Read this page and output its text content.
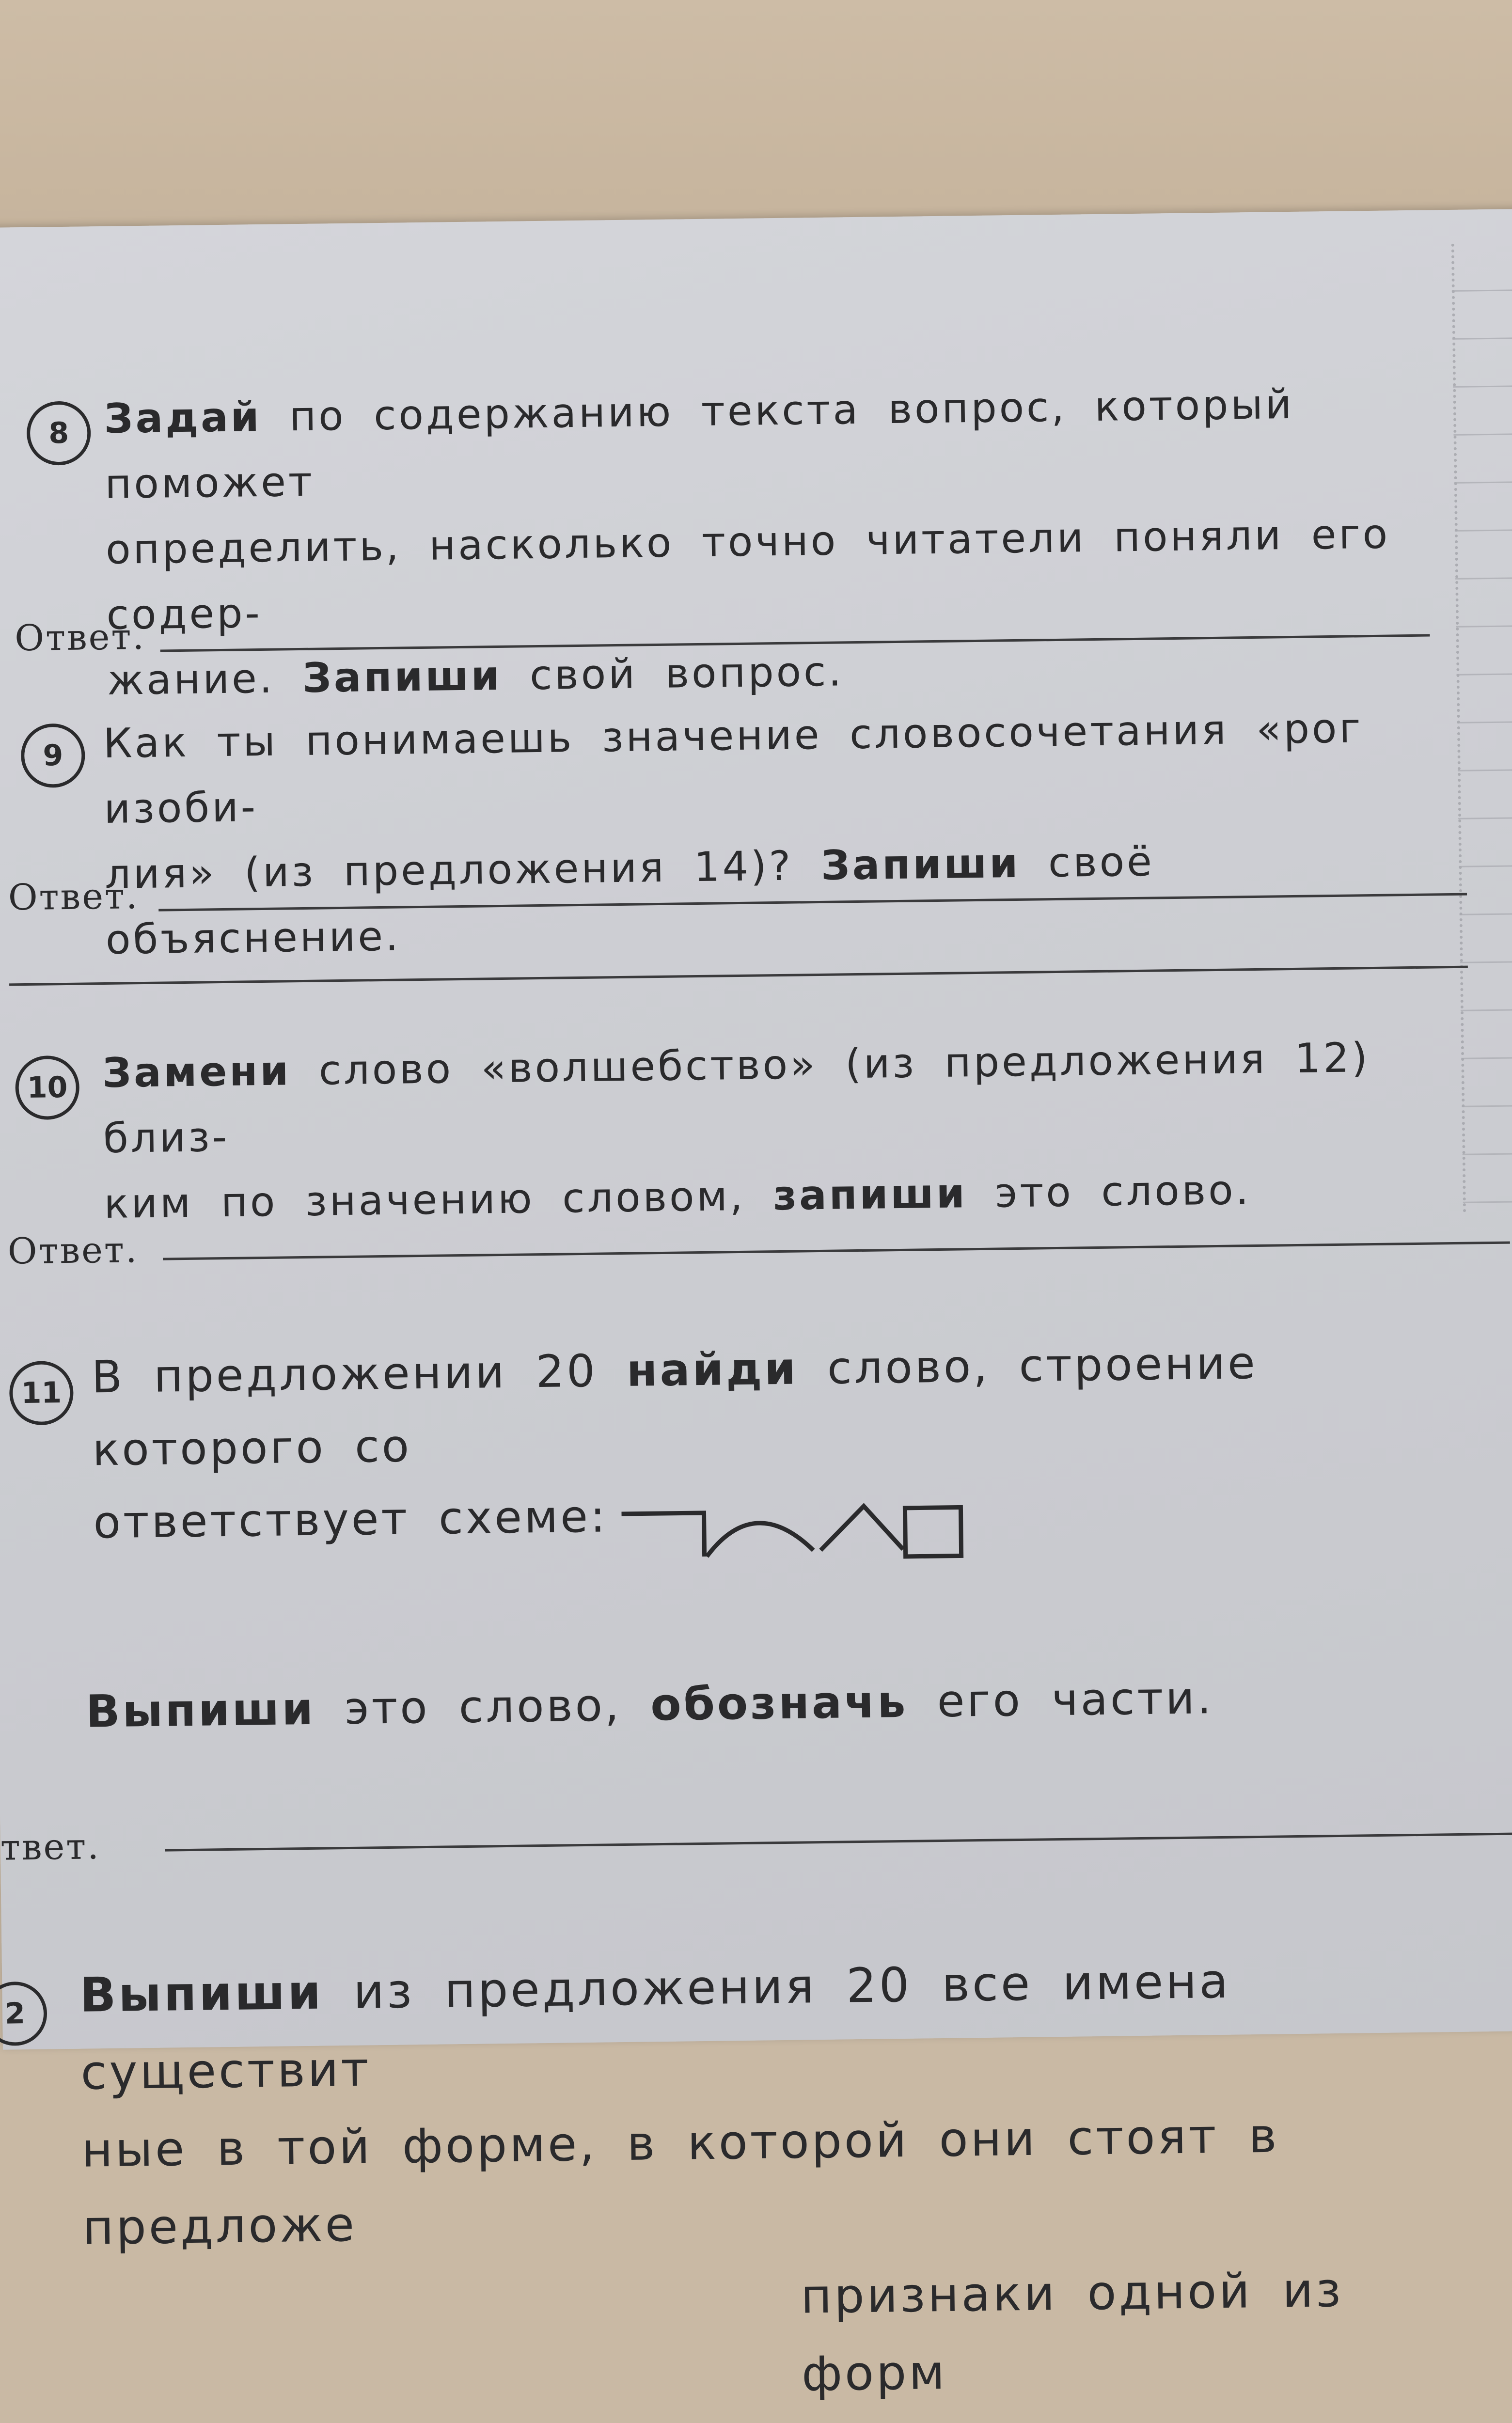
8 Задай по содержанию текста вопрос, который поможет
определить, насколько точно читатели поняли его содер-
жание. Запиши свой вопрос.
Ответ.
9 Как ты понимаешь значение словосочетания «рог изоби-
лия» (из предложения 14)? Запиши своё объяснение.
Ответ.
10 Замени слово «волшебство» (из предложения 12) близ-
ким по значению словом, запиши это слово.
Ответ.
11 В предложении 20 найди слово, строение которого со
ответствует схеме:
Выпиши это слово, обозначь его части.
твет.
2 Выпиши из предложения 20 все имена существит
ные в той форме, в которой они стоят в предложе
признаки одной из форм
